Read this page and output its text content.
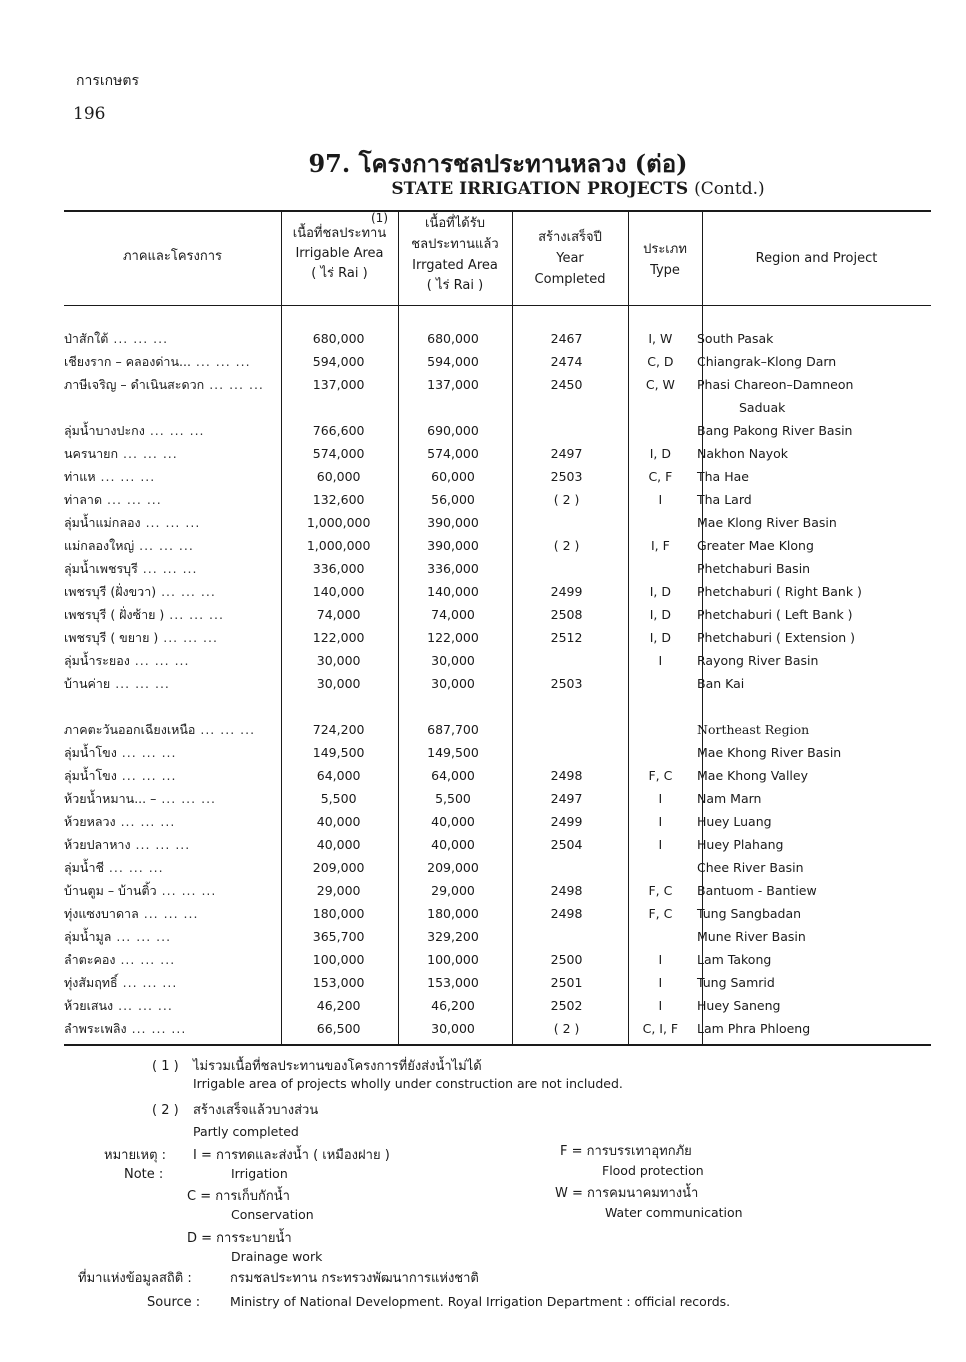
การเกษตร
196
97. โครงการชลประทานหลวง (ต่อ)
STATE IRRIGATION PROJECTS (Contd.)
ภาคและโครงการ
(1)
เนื้อที่ชลประทาน
Irrigable Area
( ไร่ Rai )
เนื้อที่ได้รับ
ชลประทานแล้ว
Irrgated Area
( ไร่ Rai )
สร้างเสร็จปี
Year
Completed
ประเภท
Type
Region and Project
ป่าสักใต้ ... ... ...	680,000	680,000	2467	I, W	South Pasak
เชียงราก – คลองด่าน... ... ... ...	594,000	594,000	2474	C, D	Chiangrak–Klong Darn
ภาษีเจริญ – ดำเนินสะดวก ... ... ...	137,000	137,000	2450	C, W	Phasi Chareon–Damneon
					Saduak
ลุ่มน้ำบางปะกง ... ... ...	766,600	690,000			Bang Pakong River Basin
นครนายก ... ... ...	574,000	574,000	2497	I, D	Nakhon Nayok
ท่าแห ... ... ...	60,000	60,000	2503	C, F	Tha Hae
ท่าลาด ... ... ...	132,600	56,000	( 2 )	I	Tha Lard
ลุ่มน้ำแม่กลอง ... ... ...	1,000,000	390,000			Mae Klong River Basin
แม่กลองใหญ่ ... ... ...	1,000,000	390,000	( 2 )	I, F	Greater Mae Klong
ลุ่มน้ำเพชรบุรี ... ... ...	336,000	336,000			Phetchaburi Basin
เพชรบุรี (ฝั่งขวา) ... ... ...	140,000	140,000	2499	I, D	Phetchaburi ( Right Bank )
เพชรบุรี ( ฝั่งซ้าย ) ... ... ...	74,000	74,000	2508	I, D	Phetchaburi ( Left Bank )
เพชรบุรี ( ขยาย ) ... ... ...	122,000	122,000	2512	I, D	Phetchaburi ( Extension )
ลุ่มน้ำระยอง ... ... ...	30,000	30,000		I	Rayong River Basin
บ้านค่าย ... ... ...	30,000	30,000	2503		Ban Kai

ภาคตะวันออกเฉียงเหนือ ... ... ...	724,200	687,700			Northeast Region
ลุ่มน้ำโขง ... ... ...	149,500	149,500			Mae Khong River Basin
ลุ่มน้ำโขง ... ... ...	64,000	64,000	2498	F, C	Mae Khong Valley
ห้วยน้ำหมาน... – ... ... ...	5,500	5,500	2497	I	Nam Marn
ห้วยหลวง ... ... ...	40,000	40,000	2499	I	Huey Luang
ห้วยปลาหาง ... ... ...	40,000	40,000	2504	I	Huey Plahang
ลุ่มน้ำชี ... ... ...	209,000	209,000			Chee River Basin
บ้านตูม – บ้านติ้ว ... ... ...	29,000	29,000	2498	F, C	Bantuom - Bantiew
ทุ่งแซงบาดาล ... ... ...	180,000	180,000	2498	F, C	Tung Sangbadan
ลุ่มน้ำมูล ... ... ...	365,700	329,200			Mune River Basin
ลำตะคอง ... ... ...	100,000	100,000	2500	I	Lam Takong
ทุ่งสัมฤทธิ์ ... ... ...	153,000	153,000	2501	I	Tung Samrid
ห้วยเสนง ... ... ...	46,200	46,200	2502	I	Huey Saneng
ลำพระเพลิง ... ... ...	66,500	30,000	( 2 )	C, I, F	Lam Phra Phloeng
( 1 ) ไม่รวมเนื้อที่ชลประทานของโครงการที่ยังส่งน้ำไม่ได้
Irrigable area of projects wholly under construction are not included.
( 2 ) สร้างเสร็จแล้วบางส่วน
Partly completed
หมายเหตุ :
Note :
I = การทดและส่งน้ำ ( เหมืองฝาย )
Irrigation
C = การเก็บกักน้ำ
Conservation
D = การระบายน้ำ
Drainage work
F = การบรรเทาอุทกภัย
Flood protection
W = การคมนาคมทางน้ำ
Water communication
ที่มาแห่งข้อมูลสถิติ :	กรมชลประทาน กระทรวงพัฒนาการแห่งชาติ
Source : Ministry of National Development. Royal Irrigation Department : official records.
